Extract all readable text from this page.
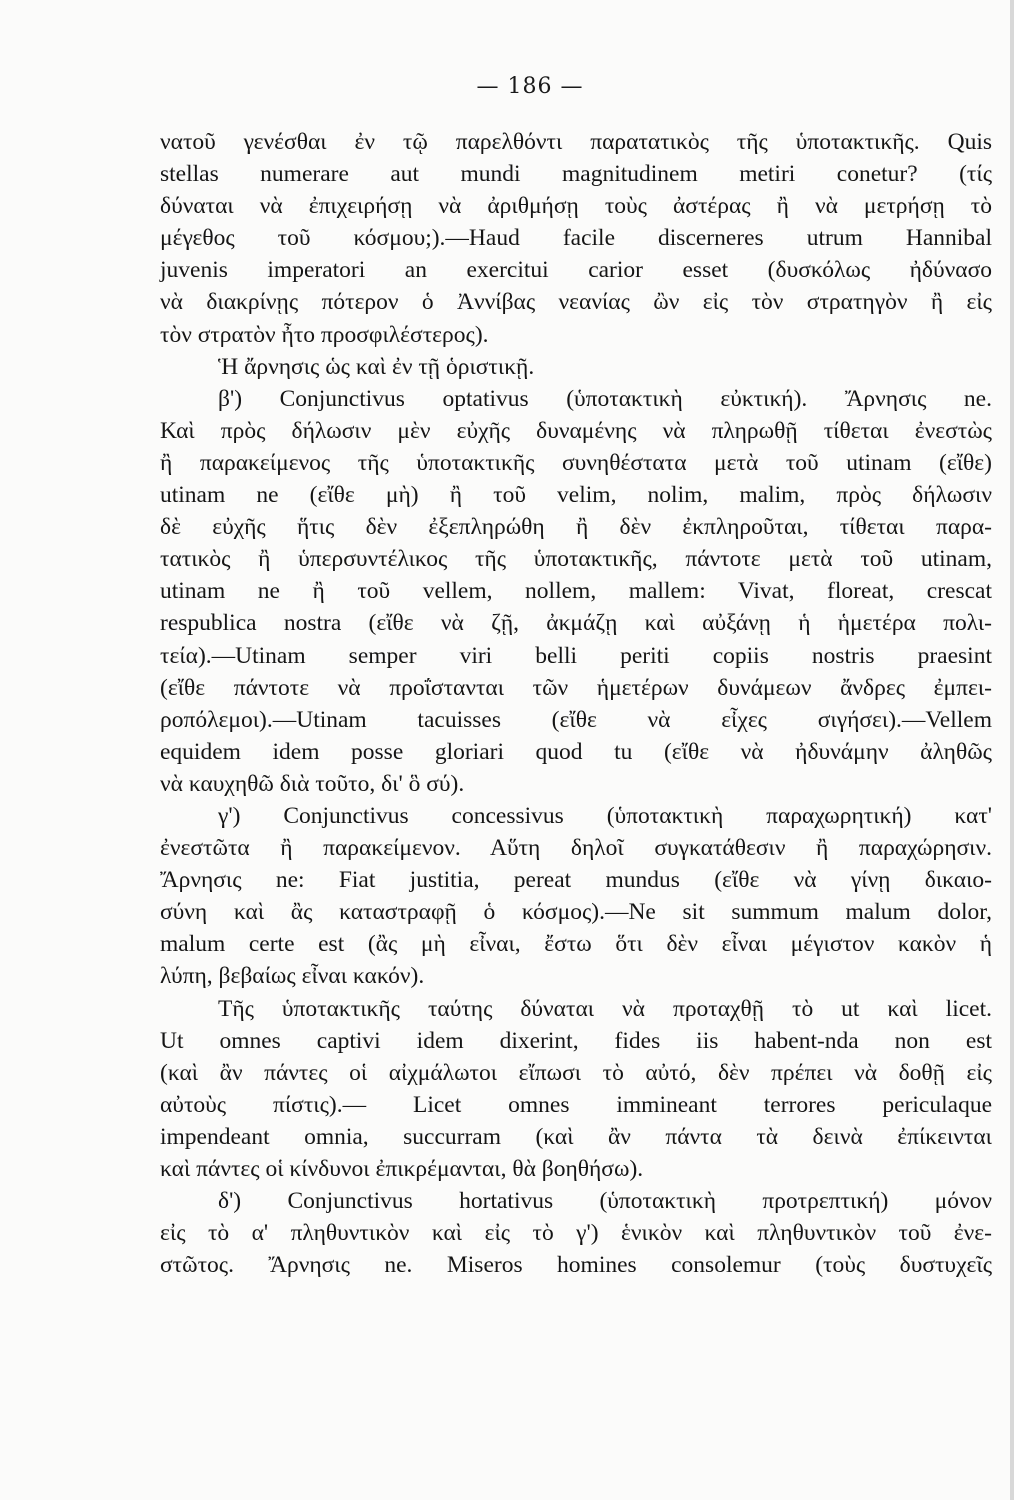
— 186 —
νατοῦ γενέσθαι ἐν τῷ παρελθόντι παρατατικὸς τῆς ὑποτακτικῆς. Quis
stellas numerare aut mundi magnitudinem metiri conetur? (τίς
δύναται νὰ ἐπιχειρήσῃ νὰ ἀριθμήσῃ τοὺς ἀστέρας ἢ νὰ μετρήσῃ τὸ
μέγεθος τοῦ κόσμου;).—Haud facile discerneres utrum Hannibal
juvenis imperatori an exercitui carior esset (δυσκόλως ἠδύνασο
νὰ διακρίνῃς πότερον ὁ Ἀννίβας νεανίας ὢν εἰς τὸν στρατηγὸν ἢ εἰς
τὸν στρατὸν ἦτο προσφιλέστερος).
Ἡ ἄρνησις ὡς καὶ ἐν τῇ ὁριστικῇ.
β') Conjunctivus optativus (ὑποτακτικὴ εὐκτική). Ἄρνησις ne.
Καὶ πρὸς δήλωσιν μὲν εὐχῆς δυναμένης νὰ πληρωθῇ τίθεται ἐνεστὼς
ἢ παρακείμενος τῆς ὑποτακτικῆς συνηθέστατα μετὰ τοῦ utinam (εἴθε)
utinam ne (εἴθε μὴ) ἢ τοῦ velim, nolim, malim, πρὸς δήλωσιν
δὲ εὐχῆς ἥτις δὲν ἐξεπληρώθη ἢ δὲν ἐκπληροῦται, τίθεται παρα-
τατικὸς ἢ ὑπερσυντέλικος τῆς ὑποτακτικῆς, πάντοτε μετὰ τοῦ utinam,
utinam ne ἢ τοῦ vellem, nollem, mallem: Vivat, floreat, crescat
respublica nostra (εἴθε νὰ ζῇ, ἀκμάζῃ καὶ αὐξάνῃ ἡ ἡμετέρα πολι-
τεία).—Utinam semper viri belli periti copiis nostris praesint
(εἴθε πάντοτε νὰ προΐστανται τῶν ἡμετέρων δυνάμεων ἄνδρες ἐμπει-
ροπόλεμοι).—Utinam tacuisses (εἴθε νὰ εἶχες σιγήσει).—Vellem
equidem idem posse gloriari quod tu (εἴθε νὰ ἠδυνάμην ἀληθῶς
νὰ καυχηθῶ διὰ τοῦτο, δι' ὃ σύ).
γ') Conjunctivus concessivus (ὑποτακτικὴ παραχωρητική) κατ'
ἐνεστῶτα ἢ παρακείμενον. Αὕτη δηλοῖ συγκατάθεσιν ἢ παραχώρησιν.
Ἄρνησις ne: Fiat justitia, pereat mundus (εἴθε νὰ γίνῃ δικαιο-
σύνη καὶ ἂς καταστραφῇ ὁ κόσμος).—Ne sit summum malum dolor,
malum certe est (ἂς μὴ εἶναι, ἔστω ὅτι δὲν εἶναι μέγιστον κακὸν ἡ
λύπη, βεβαίως εἶναι κακόν).
Τῆς ὑποτακτικῆς ταύτης δύναται νὰ προταχθῇ τὸ ut καὶ licet.
Ut omnes captivi idem dixerint, fides iis habent-nda non est
(καὶ ἂν πάντες οἱ αἰχμάλωτοι εἴπωσι τὸ αὐτό, δὲν πρέπει νὰ δοθῇ εἰς
αὐτοὺς πίστις).— Licet omnes immineant terrores periculaque
impendeant omnia, succurram (καὶ ἂν πάντα τὰ δεινὰ ἐπίκεινται
καὶ πάντες οἱ κίνδυνοι ἐπικρέμανται, θὰ βοηθήσω).
δ') Conjunctivus hortativus (ὑποτακτικὴ προτρεπτική) μόνον
εἰς τὸ α' πληθυντικὸν καὶ εἰς τὸ γ') ἑνικὸν καὶ πληθυντικὸν τοῦ ἐνε-
στῶτος. Ἄρνησις ne. Miseros homines consolemur (τοὺς δυστυχεῖς
